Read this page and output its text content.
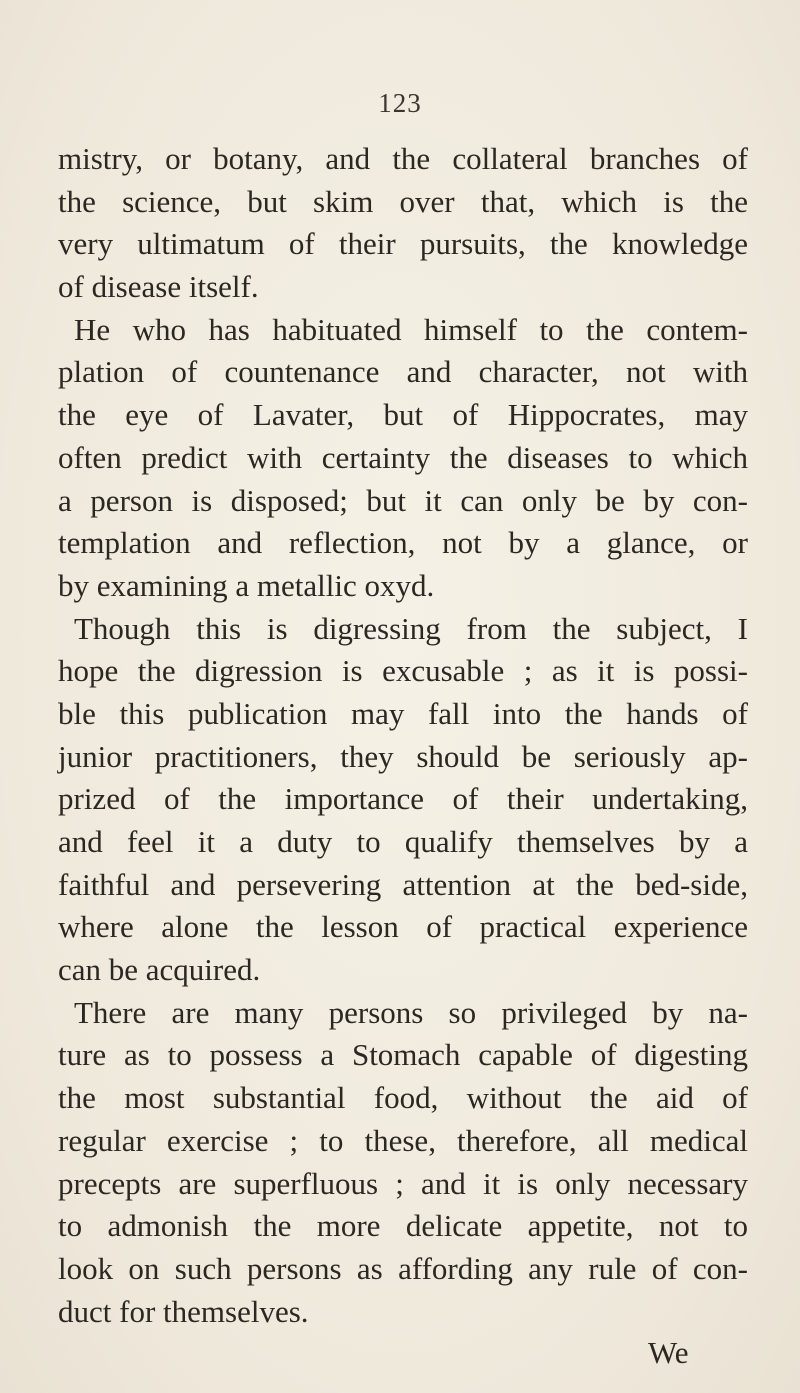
123
mistry, or botany, and the collateral branches of
the science, but skim over that, which is the
very ultimatum of their pursuits, the knowledge
of disease itself.
He who has habituated himself to the contem-
plation of countenance and character, not with
the eye of Lavater, but of Hippocrates, may
often predict with certainty the diseases to which
a person is disposed; but it can only be by con-
templation and reflection, not by a glance, or
by examining a metallic oxyd.
Though this is digressing from the subject, I
hope the digression is excusable ; as it is possi-
ble this publication may fall into the hands of
junior practitioners, they should be seriously ap-
prized of the importance of their undertaking,
and feel it a duty to qualify themselves by a
faithful and persevering attention at the bed-side,
where alone the lesson of practical experience
can be acquired.
There are many persons so privileged by na-
ture as to possess a Stomach capable of digesting
the most substantial food, without the aid of
regular exercise ; to these, therefore, all medical
precepts are superfluous ; and it is only necessary
to admonish the more delicate appetite, not to
look on such persons as affording any rule of con-
duct for themselves.
We
